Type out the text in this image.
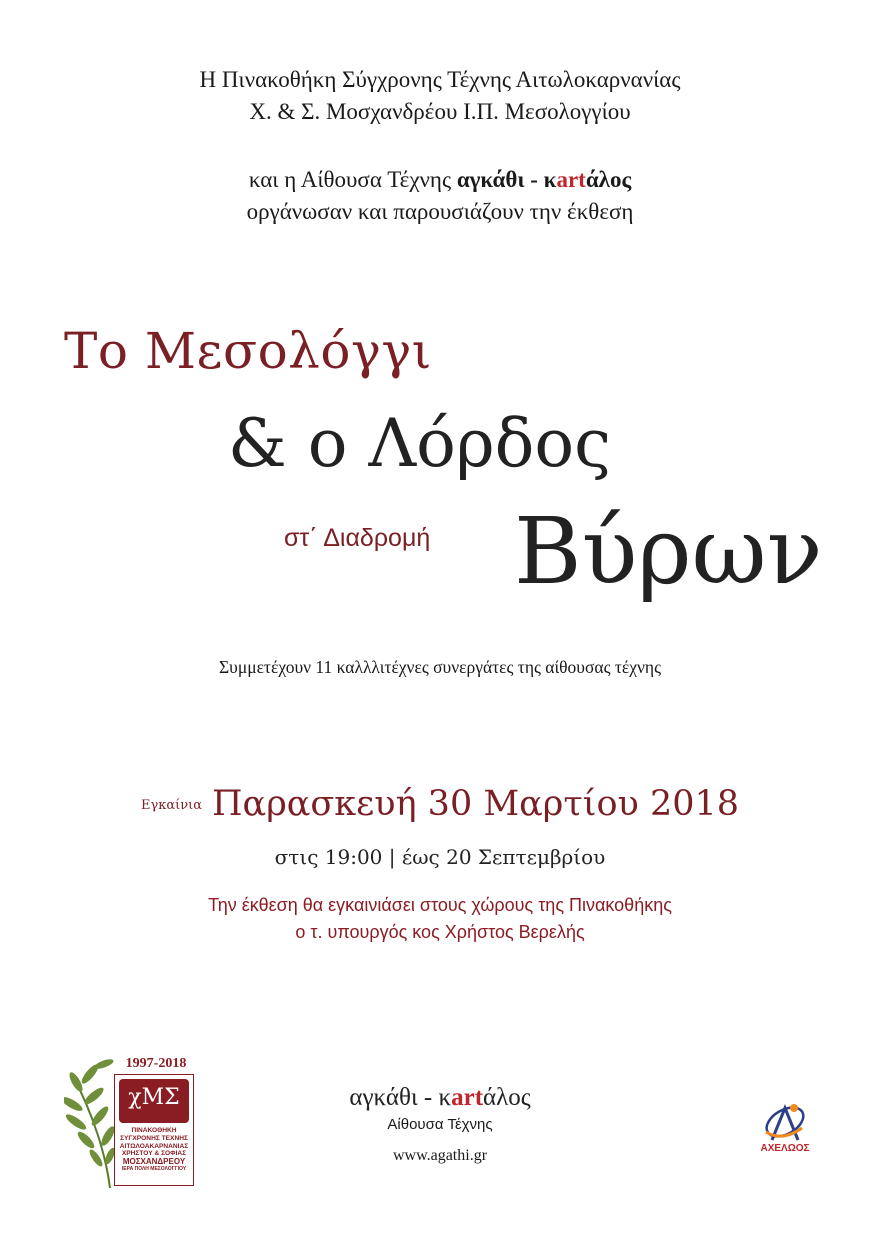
Η Πινακοθήκη Σύγχρονης Τέχνης Αιτωλοκαρνανίας
Χ. & Σ. Μοσχανδρέου Ι.Π. Μεσολογγίου
και η Αίθουσα Τέχνης αγκάθι - κartάλος
οργάνωσαν και παρουσιάζουν την έκθεση
Το Μεσολόγγι
& ο Λόρδος
στ΄ Διαδρομή Βύρων
Συμμετέχουν 11 καλλλιτέχνες συνεργάτες της αίθουσας τέχνης
$^{E\gamma\kappa\alpha ί\nu\iota\alpha}$ Παρασκευή 30 Μαρτίου 2018
στις 19:00 | έως 20 Σεπτεμβρίου
Την έκθεση θα εγκαινιάσει στους χώρους της Πινακοθήκης
ο τ. υπουργός κος Χρήστος Βερελής
αγκάθι - κartάλος
Αίθουσα Τέχνης
www.agathi.gr
1997-2018
χΜΣ
ΠΙΝΑΚΟΘΗΚΗ
ΣΥΓΧΡΟΝΗΣ ΤΕΧΝΗΣ
ΑΙΤΩΛΟΑΚΑΡΝΑΝΙΑΣ
ΧΡΗΣΤΟΥ & ΣΟΦΙΑΣ
ΜΟΣΧΑΝΔΡΕΟΥ
ΙΕΡΑ ΠΟΛΗ ΜΕΣΟΛΟΓΓΙΟΥ
ΑΧΕΛΩΟΣ
